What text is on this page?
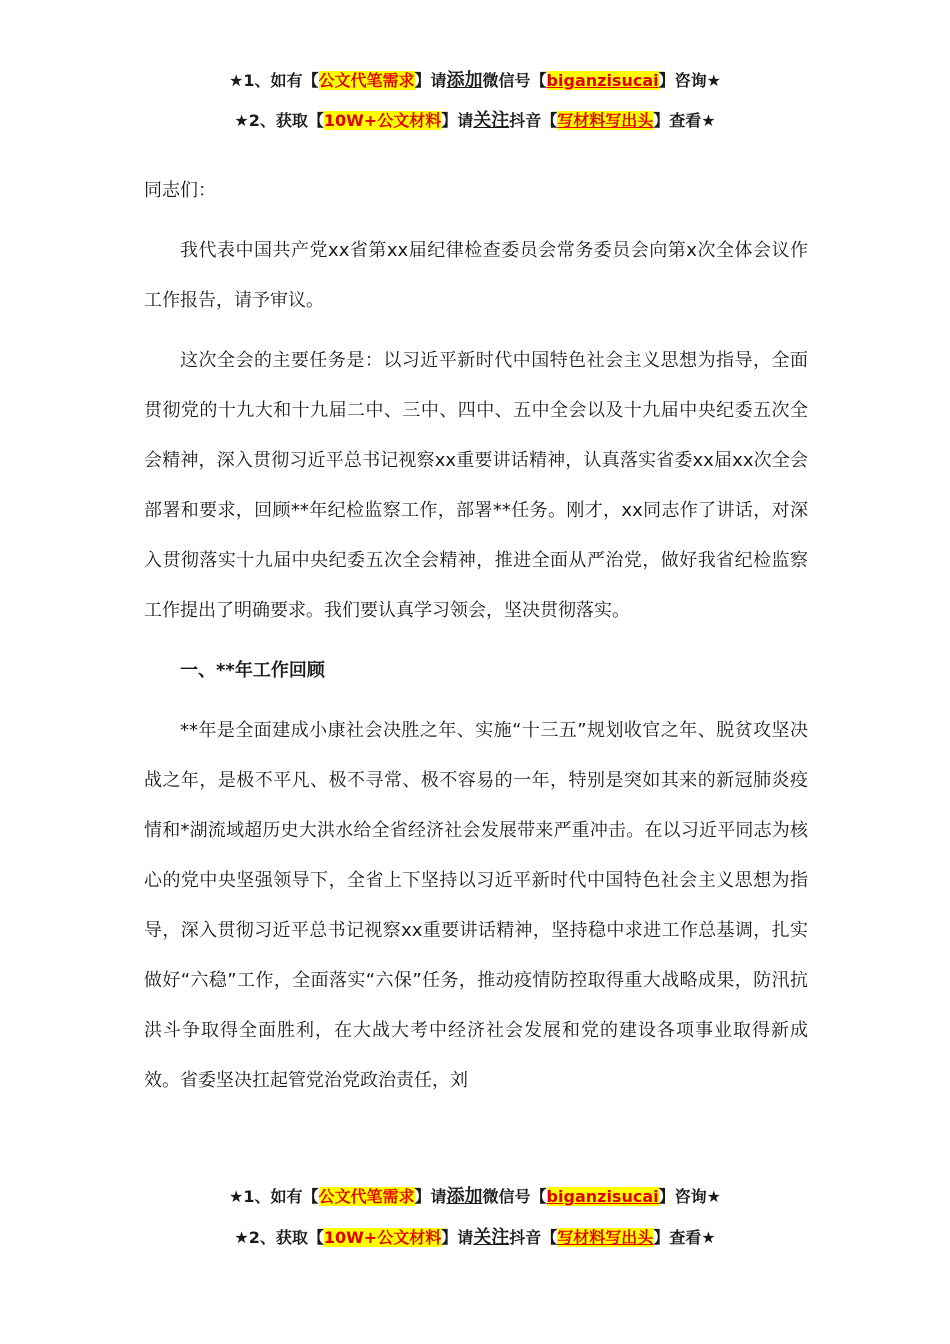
★1、如有【公文代笔需求】请添加微信号【biganzisucai】咨询★
★2、获取【10W+公文材料】请关注抖音【写材料写出头】查看★

同志们：

我代表中国共产党xx省第xx届纪律检查委员会常务委员会向第x次全体会议作工作报告，请予审议。

这次全会的主要任务是：以习近平新时代中国特色社会主义思想为指导，全面贯彻党的十九大和十九届二中、三中、四中、五中全会以及十九届中央纪委五次全会精神，深入贯彻习近平总书记视察xx重要讲话精神，认真落实省委xx届xx次全会部署和要求，回顾**年纪检监察工作，部署**任务。刚才，xx同志作了讲话，对深入贯彻落实十九届中央纪委五次全会精神，推进全面从严治党，做好我省纪检监察工作提出了明确要求。我们要认真学习领会，坚决贯彻落实。

一、**年工作回顾

**年是全面建成小康社会决胜之年、实施“十三五”规划收官之年、脱贫攻坚决战之年，是极不平凡、极不寻常、极不容易的一年，特别是突如其来的新冠肺炎疫情和*湖流域超历史大洪水给全省经济社会发展带来严重冲击。在以习近平同志为核心的党中央坚强领导下，全省上下坚持以习近平新时代中国特色社会主义思想为指导，深入贯彻习近平总书记视察xx重要讲话精神，坚持稳中求进工作总基调，扎实做好“六稳”工作，全面落实“六保”任务，推动疫情防控取得重大战略成果，防汛抗洪斗争取得全面胜利，在大战大考中经济社会发展和党的建设各项事业取得新成效。省委坚决扛起管党治党政治责任，刘

★1、如有【公文代笔需求】请添加微信号【biganzisucai】咨询★
★2、获取【10W+公文材料】请关注抖音【写材料写出头】查看★
